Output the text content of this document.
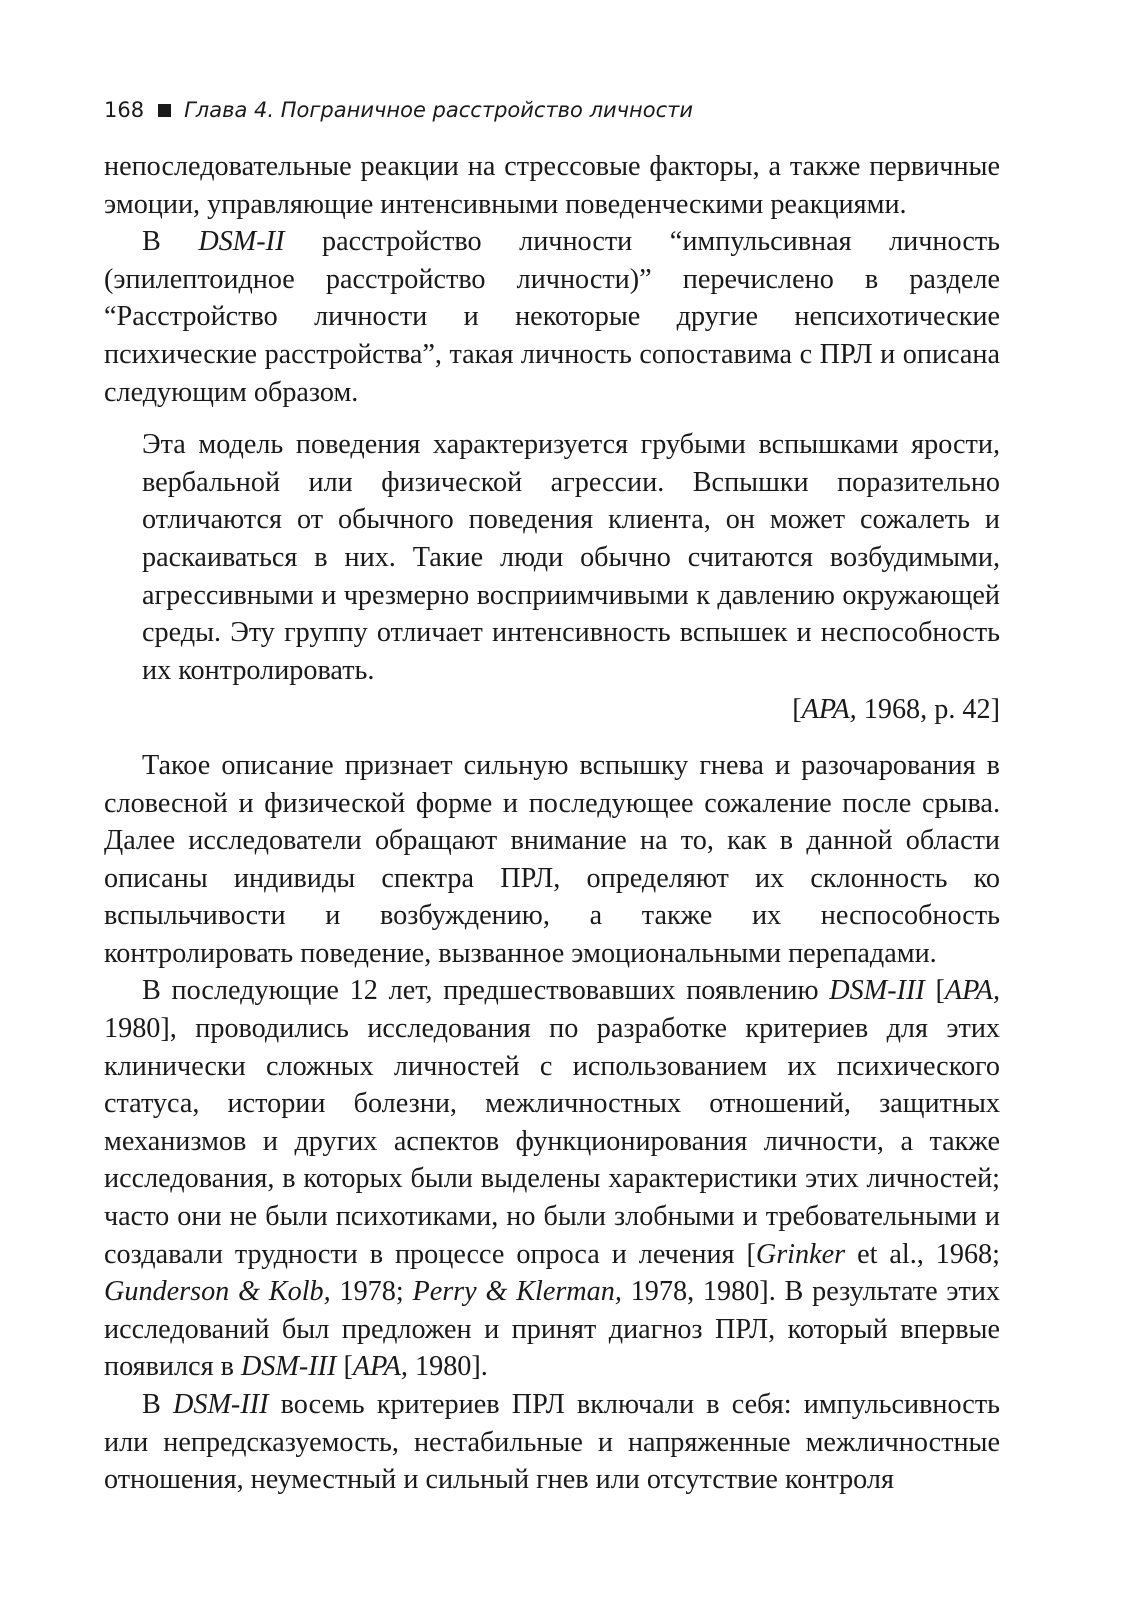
168 Глава 4. Пограничное расстройство личности

непоследовательные реакции на стрессовые факторы, а также первичные эмоции, управляющие интенсивными поведенческими реакциями.

В DSM-II расстройство личности “импульсивная личность (эпилептоидное расстройство личности)” перечислено в разделе “Расстройство личности и некоторые другие непсихотические психические расстройства”, такая личность сопоставима с ПРЛ и описана следующим образом.

Эта модель поведения характеризуется грубыми вспышками ярости, вербальной или физической агрессии. Вспышки поразительно отличаются от обычного поведения клиента, он может сожалеть и раскаиваться в них. Такие люди обычно считаются возбудимыми, агрессивными и чрезмерно восприимчивыми к давлению окружающей среды. Эту группу отличает интенсивность вспышек и неспособность их контролировать.

[APA, 1968, p. 42]

Такое описание признает сильную вспышку гнева и разочарования в словесной и физической форме и последующее сожаление после срыва. Далее исследователи обращают внимание на то, как в данной области описаны индивиды спектра ПРЛ, определяют их склонность ко вспыльчивости и возбуждению, а также их неспособность контролировать поведение, вызванное эмоциональными перепадами.

В последующие 12 лет, предшествовавших появлению DSM-III [APA, 1980], проводились исследования по разработке критериев для этих клинически сложных личностей с использованием их психического статуса, истории болезни, межличностных отношений, защитных механизмов и других аспектов функционирования личности, а также исследования, в которых были выделены характеристики этих личностей; часто они не были психотиками, но были злобными и требовательными и создавали трудности в процессе опроса и лечения [Grinker et al., 1968; Gunderson & Kolb, 1978; Perry & Klerman, 1978, 1980]. В результате этих исследований был предложен и принят диагноз ПРЛ, который впервые появился в DSM-III [APA, 1980].

В DSM-III восемь критериев ПРЛ включали в себя: импульсивность или непредсказуемость, нестабильные и напряженные межличностные отношения, неуместный и сильный гнев или отсутствие контроля
